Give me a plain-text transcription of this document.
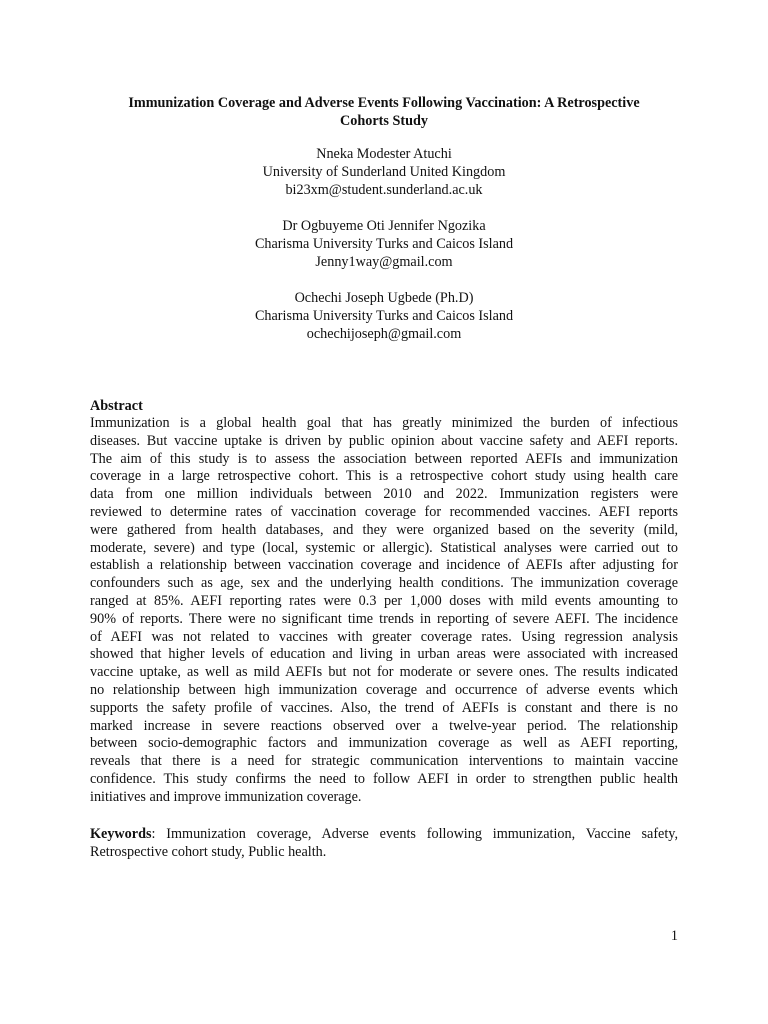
Immunization Coverage and Adverse Events Following Vaccination: A Retrospective
Cohorts Study
Nneka Modester Atuchi
University of Sunderland United Kingdom
bi23xm@student.sunderland.ac.uk
Dr Ogbuyeme Oti Jennifer Ngozika
Charisma University Turks and Caicos Island
Jenny1way@gmail.com
Ochechi Joseph Ugbede (Ph.D)
Charisma University Turks and Caicos Island
ochechijoseph@gmail.com
Abstract
Immunization is a global health goal that has greatly minimized the burden of infectious
diseases. But vaccine uptake is driven by public opinion about vaccine safety and AEFI reports.
The aim of this study is to assess the association between reported AEFIs and immunization
coverage in a large retrospective cohort. This is a retrospective cohort study using health care
data from one million individuals between 2010 and 2022. Immunization registers were
reviewed to determine rates of vaccination coverage for recommended vaccines. AEFI reports
were gathered from health databases, and they were organized based on the severity (mild,
moderate, severe) and type (local, systemic or allergic). Statistical analyses were carried out to
establish a relationship between vaccination coverage and incidence of AEFIs after adjusting for
confounders such as age, sex and the underlying health conditions. The immunization coverage
ranged at 85%. AEFI reporting rates were 0.3 per 1,000 doses with mild events amounting to
90% of reports. There were no significant time trends in reporting of severe AEFI. The incidence
of AEFI was not related to vaccines with greater coverage rates. Using regression analysis
showed that higher levels of education and living in urban areas were associated with increased
vaccine uptake, as well as mild AEFIs but not for moderate or severe ones. The results indicated
no relationship between high immunization coverage and occurrence of adverse events which
supports the safety profile of vaccines. Also, the trend of AEFIs is constant and there is no
marked increase in severe reactions observed over a twelve-year period. The relationship
between socio-demographic factors and immunization coverage as well as AEFI reporting,
reveals that there is a need for strategic communication interventions to maintain vaccine
confidence. This study confirms the need to follow AEFI in order to strengthen public health
initiatives and improve immunization coverage.
Keywords: Immunization coverage, Adverse events following immunization, Vaccine safety,
Retrospective cohort study, Public health.
1
